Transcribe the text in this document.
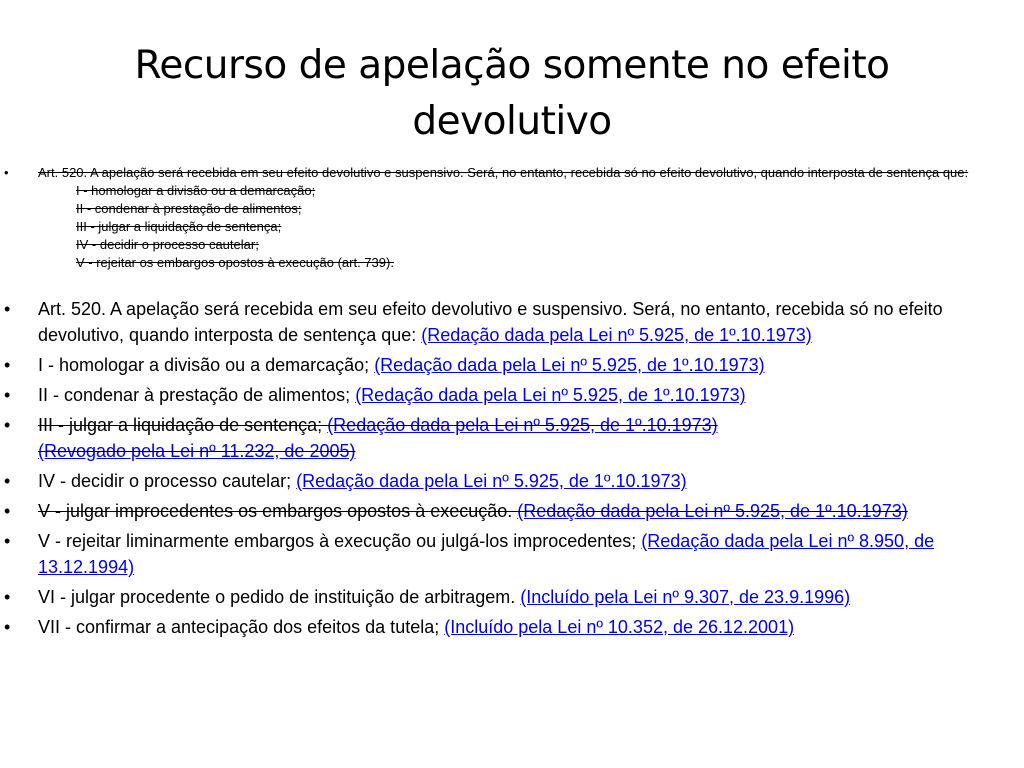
Recurso de apelação somente no efeito devolutivo
• Art. 520. A apelação será recebida em seu efeito devolutivo e suspensivo. Será, no entanto, recebida só no efeito devolutivo, quando interposta de sentença que:
I - homologar a divisão ou a demarcação;
II - condenar à prestação de alimentos;
III - julgar a liquidação de sentença;
IV - decidir o processo cautelar;
V - rejeitar os embargos opostos à execução (art. 739).
• Art. 520. A apelação será recebida em seu efeito devolutivo e suspensivo. Será, no entanto, recebida só no efeito devolutivo, quando interposta de sentença que: (Redação dada pela Lei nº 5.925, de 1º.10.1973)
• I - homologar a divisão ou a demarcação; (Redação dada pela Lei nº 5.925, de 1º.10.1973)
• II - condenar à prestação de alimentos; (Redação dada pela Lei nº 5.925, de 1º.10.1973)
• III - julgar a liquidação de sentença; (Redação dada pela Lei nº 5.925, de 1º.10.1973)
(Revogado pela Lei nº 11.232, de 2005)
• IV - decidir o processo cautelar; (Redação dada pela Lei nº 5.925, de 1º.10.1973)
• V - julgar improcedentes os embargos opostos à execução. (Redação dada pela Lei nº 5.925, de 1º.10.1973)
• V - rejeitar liminarmente embargos à execução ou julgá-los improcedentes; (Redação dada pela Lei nº 8.950, de 13.12.1994)
• VI - julgar procedente o pedido de instituição de arbitragem. (Incluído pela Lei nº 9.307, de 23.9.1996)
• VII - confirmar a antecipação dos efeitos da tutela; (Incluído pela Lei nº 10.352, de 26.12.2001)
